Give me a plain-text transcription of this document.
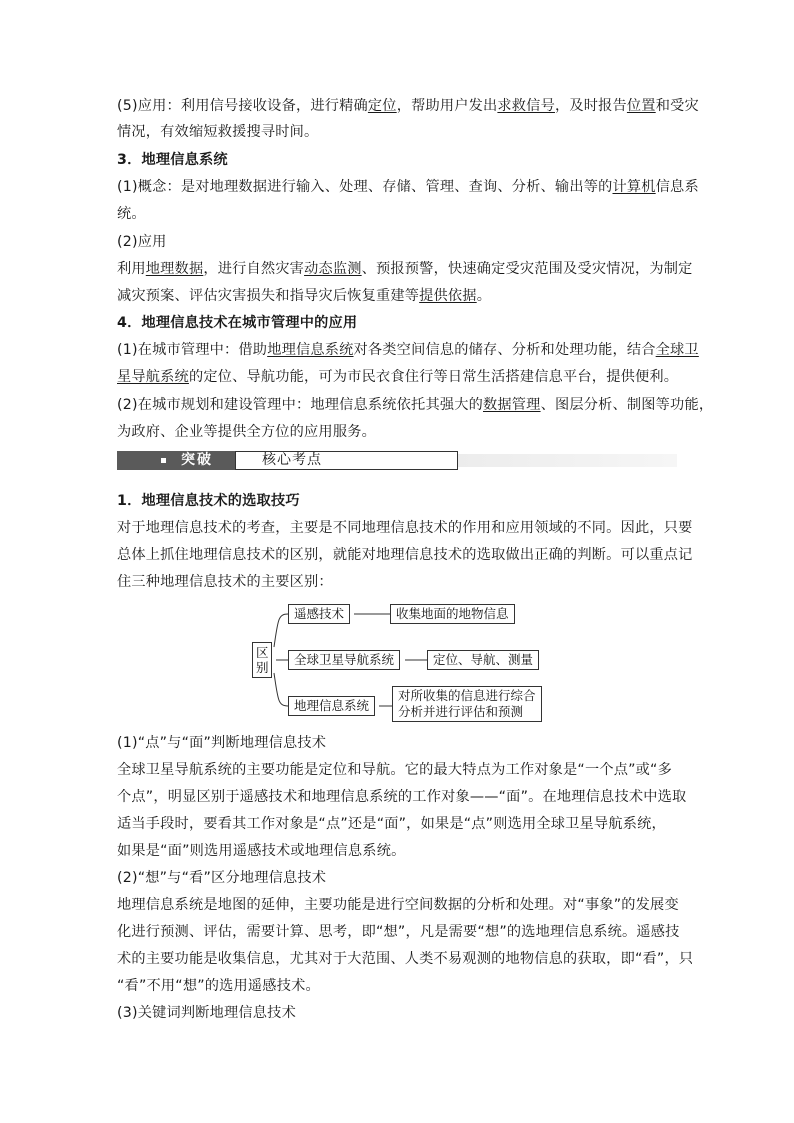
(5)应用：利用信号接收设备，进行精确定位，帮助用户发出求救信号，及时报告位置和受灾
情况，有效缩短救援搜寻时间。
3．地理信息系统
(1)概念：是对地理数据进行输入、处理、存储、管理、查询、分析、输出等的计算机信息系
统。
(2)应用
利用地理数据，进行自然灾害动态监测、预报预警，快速确定受灾范围及受灾情况，为制定
减灾预案、评估灾害损失和指导灾后恢复重建等提供依据。
4．地理信息技术在城市管理中的应用
(1)在城市管理中：借助地理信息系统对各类空间信息的储存、分析和处理功能，结合全球卫
星导航系统的定位、导航功能，可为市民衣食住行等日常生活搭建信息平台，提供便利。
(2)在城市规划和建设管理中：地理信息系统依托其强大的数据管理、图层分析、制图等功能，
为政府、企业等提供全方位的应用服务。
突破	核心考点
1．地理信息技术的选取技巧
对于地理信息技术的考查，主要是不同地理信息技术的作用和应用领域的不同。因此，只要
总体上抓住地理信息技术的区别，就能对地理信息技术的选取做出正确的判断。可以重点记
住三种地理信息技术的主要区别：
区别
遥感技术	收集地面的地物信息
全球卫星导航系统	定位、导航、测量
地理信息系统
对所收集的信息进行综合
分析并进行评估和预测
(1)“点”与“面”判断地理信息技术
全球卫星导航系统的主要功能是定位和导航。它的最大特点为工作对象是“一个点”或“多
个点”，明显区别于遥感技术和地理信息系统的工作对象——“面”。在地理信息技术中选取
适当手段时，要看其工作对象是“点”还是“面”，如果是“点”则选用全球卫星导航系统，
如果是“面”则选用遥感技术或地理信息系统。
(2)“想”与“看”区分地理信息技术
地理信息系统是地图的延伸，主要功能是进行空间数据的分析和处理。对“事象”的发展变
化进行预测、评估，需要计算、思考，即“想”，凡是需要“想”的选地理信息系统。遥感技
术的主要功能是收集信息，尤其对于大范围、人类不易观测的地物信息的获取，即“看”，只
“看”不用“想”的选用遥感技术。
(3)关键词判断地理信息技术
